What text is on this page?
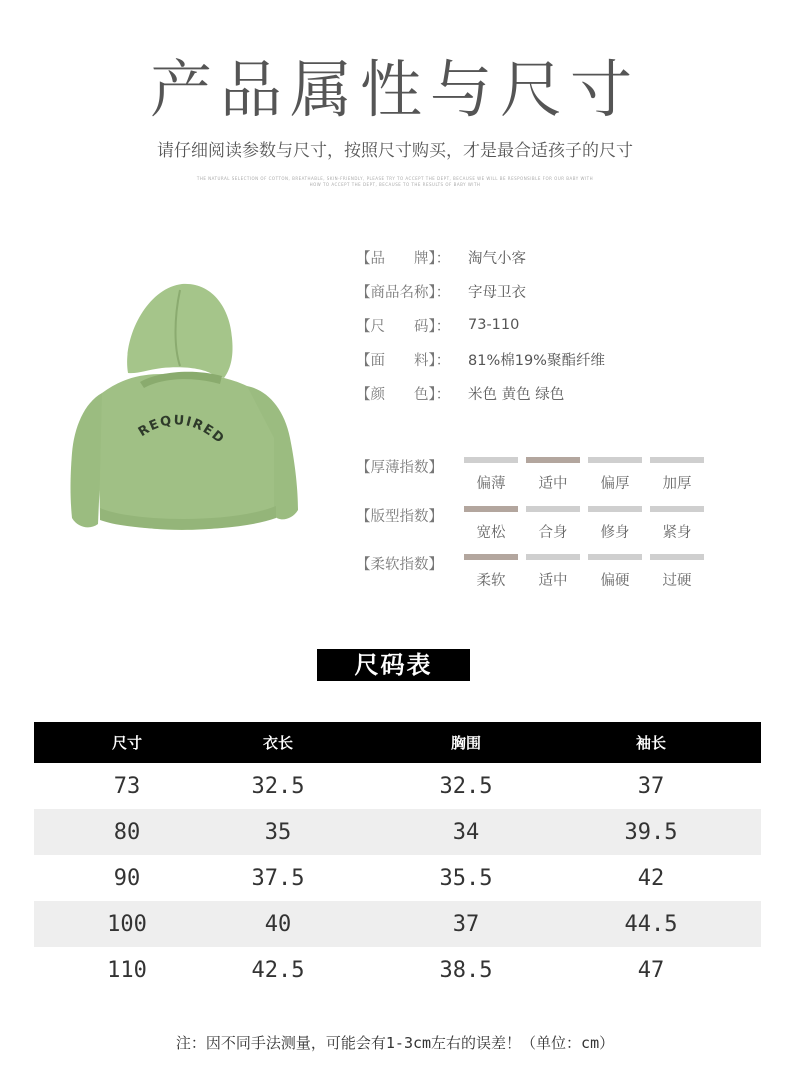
产品属性与尺寸
请仔细阅读参数与尺寸，按照尺寸购买，才是最合适孩子的尺寸
THE NATURAL SELECTION OF COTTON, BREATHABLE, SKIN-FRIENDLY, PLEASE TRY TO ACCEPT THE DEPT, BECAUSE WE WILL BE RESPONSIBLE FOR OUR BABY WITH
HOW TO ACCEPT THE DEPT, BECAUSE TO THE RESULTS OF BABY WITH
REQUIRED
【品　　牌】：	淘气小客
【商品名称】：	字母卫衣
【尺　　码】：	73-110
【面　　料】：	81%棉19%聚酯纤维
【颜　　色】：	米色 黄色 绿色
【厚薄指数】
偏薄	适中	偏厚	加厚
【版型指数】
宽松	合身	修身	紧身
【柔软指数】
柔软	适中	偏硬	过硬
尺码表
尺寸	衣长	胸围	袖长
73	32.5	32.5	37
80	35	34	39.5
90	37.5	35.5	42
100	40	37	44.5
110	42.5	38.5	47
注：因不同手法测量，可能会有1-3cm左右的误差！（单位：cm）
